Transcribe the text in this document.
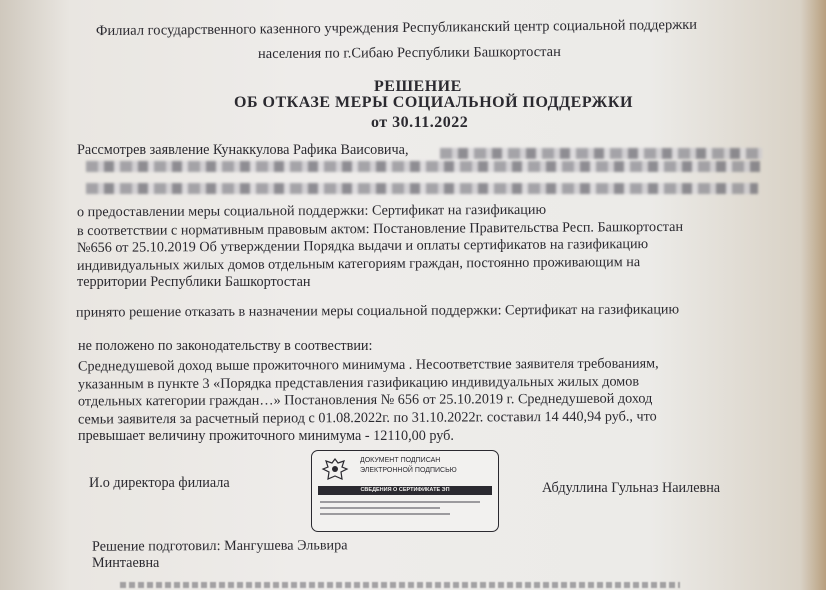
Филиал государственного казенного учреждения Республиканский центр социальной поддержки
населения по г.Сибаю Республики Башкортостан
РЕШЕНИЕ
ОБ ОТКАЗЕ МЕРЫ СОЦИАЛЬНОЙ ПОДДЕРЖКИ
от 30.11.2022
Рассмотрев заявление Кунаккулова Рафика Ваисовича,
о предоставлении меры социальной поддержки: Сертификат на газификацию
в соответствии с нормативным правовым актом: Постановление Правительства Респ. Башкортостан
№656 от 25.10.2019 Об утверждении Порядка выдачи и оплаты сертификатов на газификацию
индивидуальных жилых домов отдельным категориям граждан, постоянно проживающим на
территории Республики Башкортостан
принято решение отказать в назначении меры социальной поддержки: Сертификат на газификацию
не положено по законодательству в соотвествии:
Среднедушевой доход выше прожиточного минимума . Несоответствие заявителя требованиям,
указанным в пункте 3 «Порядка представления газификацию индивидуальных жилых домов
отдельных категории граждан…» Постановления № 656 от 25.10.2019 г. Среднедушевой доход
семьи заявителя за расчетный период с 01.08.2022г. по 31.10.2022г. составил 14 440,94 руб., что
превышает величину прожиточного минимума - 12110,00 руб.
И.о директора филиала
ДОКУМЕНТ ПОДПИСАН
ЭЛЕКТРОННОЙ ПОДПИСЬЮ
СВЕДЕНИЯ О СЕРТИФИКАТЕ ЭП	Абдуллина Гульназ Наилевна
Решение подготовил: Мангушева Эльвира
Минтаевна
